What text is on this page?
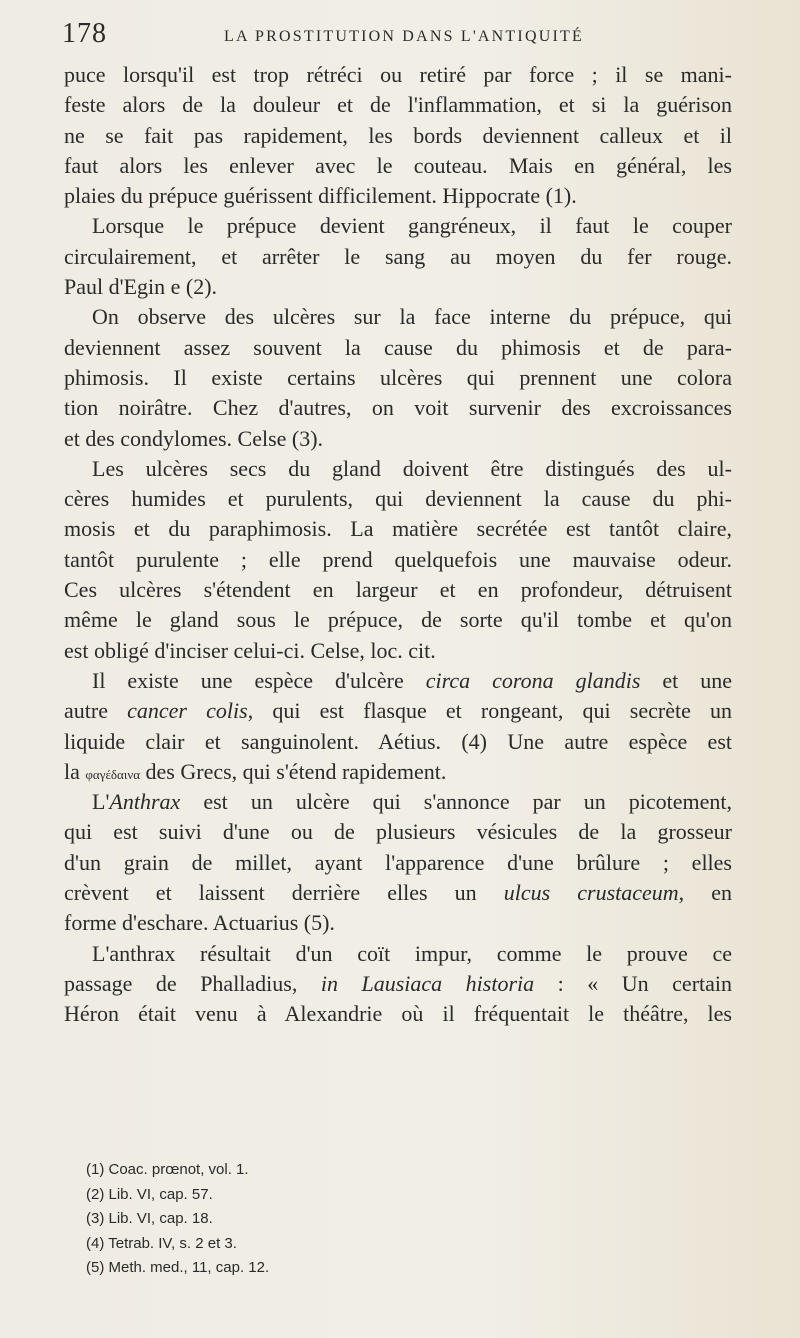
178	LA PROSTITUTION DANS L'ANTIQUITÉ
puce lorsqu'il est trop rétréci ou retiré par force ; il se mani-
feste alors de la douleur et de l'inflammation, et si la guérison
ne se fait pas rapidement, les bords deviennent calleux et il
faut alors les enlever avec le couteau. Mais en général, les
plaies du prépuce guérissent difficilement. Hippocrate (1).
Lorsque le prépuce devient gangréneux, il faut le couper
circulairement, et arrêter le sang au moyen du fer rouge.
Paul d'Egin e (2).
On observe des ulcères sur la face interne du prépuce, qui
deviennent assez souvent la cause du phimosis et de para-
phimosis. Il existe certains ulcères qui prennent une colora
tion noirâtre. Chez d'autres, on voit survenir des excroissances
et des condylomes. Celse (3).
Les ulcères secs du gland doivent être distingués des ul-
cères humides et purulents, qui deviennent la cause du phi-
mosis et du paraphimosis. La matière secrétée est tantôt claire,
tantôt purulente ; elle prend quelquefois une mauvaise odeur.
Ces ulcères s'étendent en largeur et en profondeur, détruisent
même le gland sous le prépuce, de sorte qu'il tombe et qu'on
est obligé d'inciser celui-ci. Celse, loc. cit.
Il existe une espèce d'ulcère circa corona glandis et une
autre cancer colis, qui est flasque et rongeant, qui secrète un
liquide clair et sanguinolent. Aétius. (4) Une autre espèce est
la φαγέδαινα des Grecs, qui s'étend rapidement.
L'Anthrax est un ulcère qui s'annonce par un picotement,
qui est suivi d'une ou de plusieurs vésicules de la grosseur
d'un grain de millet, ayant l'apparence d'une brûlure ; elles
crèvent et laissent derrière elles un ulcus crustaceum, en
forme d'eschare. Actuarius (5).
L'anthrax résultait d'un coït impur, comme le prouve ce
passage de Phalladius, in Lausiaca historia : « Un certain
Héron était venu à Alexandrie où il fréquentait le théâtre, les
(1) Coac. prœnot, vol. 1.
(2) Lib. VI, cap. 57.
(3) Lib. VI, cap. 18.
(4) Tetrab. IV, s. 2 et 3.
(5) Meth. med., 11, cap. 12.
